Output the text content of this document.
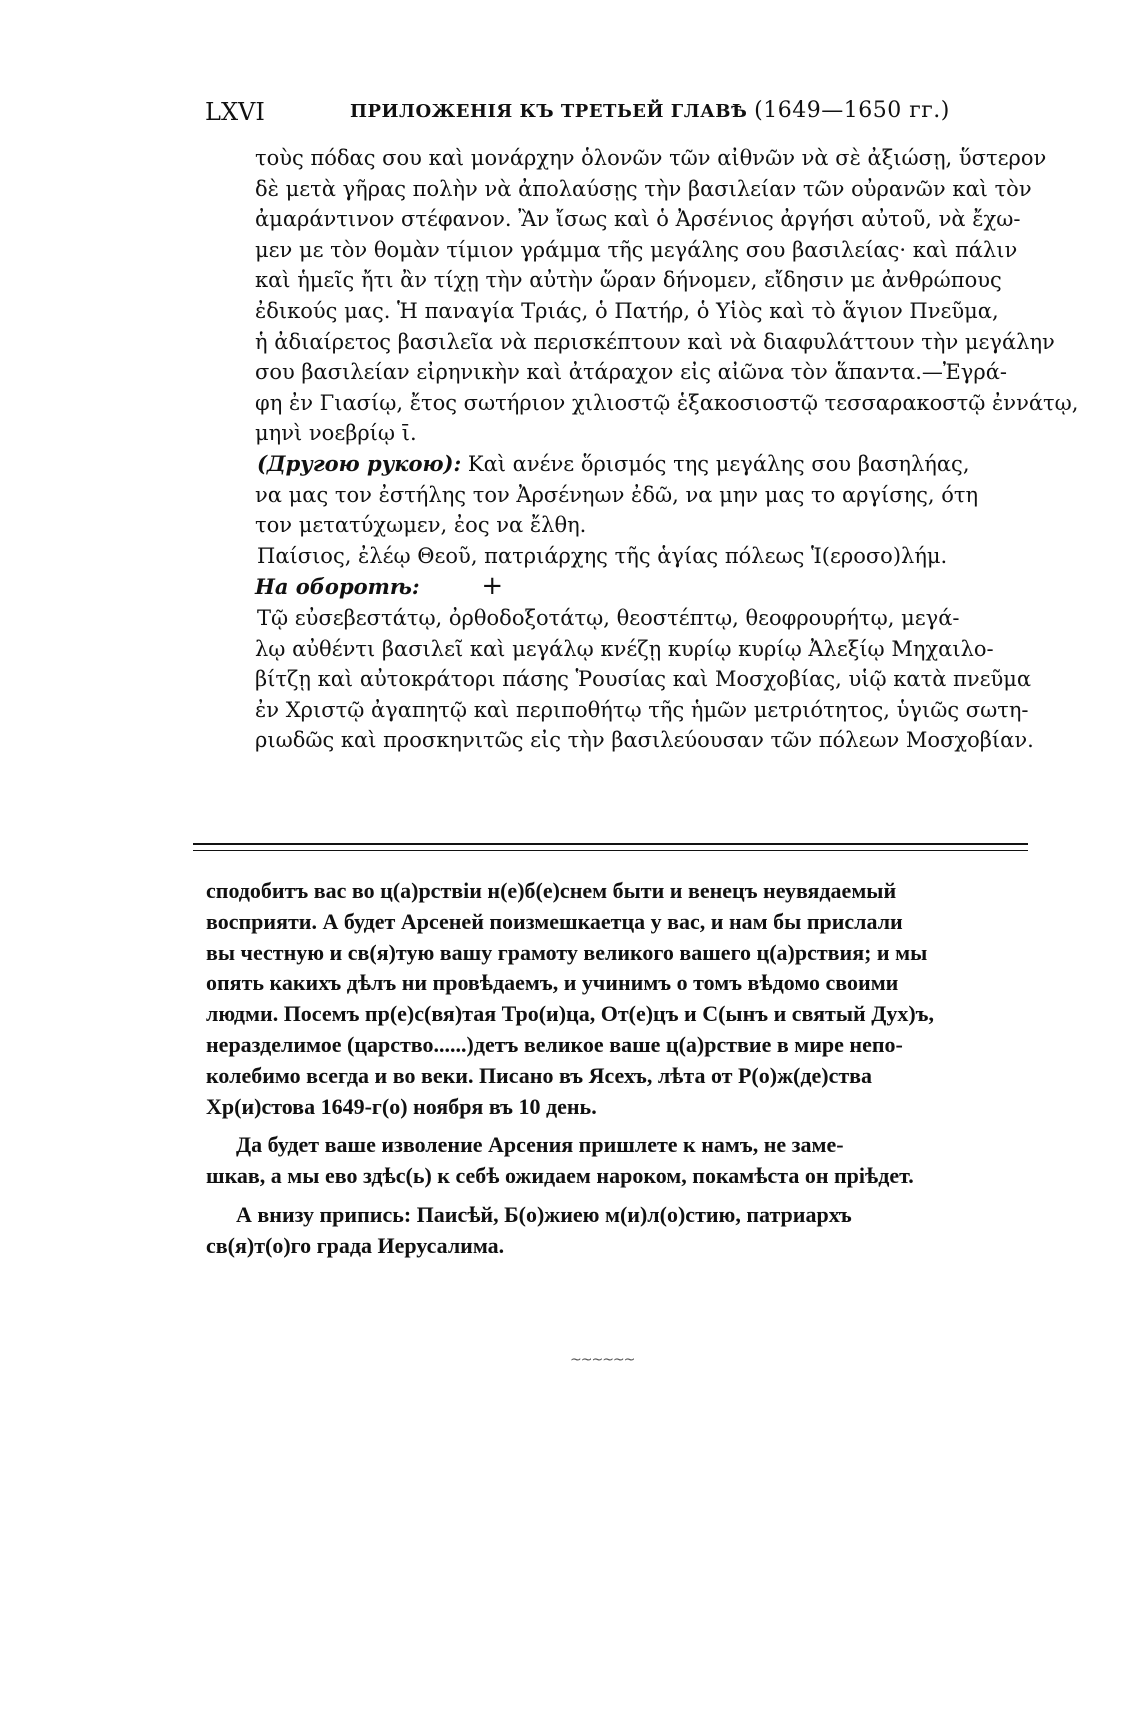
LXVI	ПРИЛОЖЕНІЯ КЪ ТРЕТЬЕЙ ГЛАВѢ (1649—1650 гг.)
τοὺς πόδας σου καὶ μονάρχην ὁλονῶν τῶν αἰθνῶν νὰ σὲ ἀξιώσῃ, ὕστερον
δὲ μετὰ γῆρας πολὴν νὰ ἀπολαύσῃς τὴν βασιλείαν τῶν οὐρανῶν καὶ τὸν
ἀμαράντινον στέφανον. Ἂν ἴσως καὶ ὁ Ἀρσένιος ἀργήσι αὐτοῦ, νὰ ἔχω-
μεν με τὸν θομὰν τίμιον γράμμα τῆς μεγάλης σου βασιλείας· καὶ πάλιν
καὶ ἡμεῖς ἤτι ἂν τίχῃ τὴν αὐτὴν ὥραν δήνομεν, εἴδησιν με ἀνθρώπους
ἐδικούς μας. Ἡ παναγία Τριάς, ὁ Πατήρ, ὁ Υἱὸς καὶ τὸ ἅγιον Πνεῦμα,
ἡ ἀδιαίρετος βασιλεῖα νὰ περισκέπτουν καὶ νὰ διαφυλάττουν τὴν μεγάλην
σου βασιλείαν εἰρηνικὴν καὶ ἀτάραχον εἰς αἰῶνα τὸν ἅπαντα.—Ἐγρά-
φη ἐν Γιασίῳ, ἔτος σωτήριον χιλιοστῷ ἑξακοσιοστῷ τεσσαρακοστῷ ἐννάτῳ,
μηνὶ νοεβρίῳ ῑ.
(Другою рукою): Καὶ ανένε ὅρισμός της μεγάλης σου βασηλήας,
να μας τον ἐστήλης τον Ἀρσένηων ἐδῶ, να μην μας το αργίσης, ότη
τον μετατύχωμεν, ἐος να ἔλθη.
Παίσιος, ἐλέῳ Θεοῦ, πατριάρχης τῆς ἁγίας πόλεως Ἱ(εροσο)λήμ.
На оборотѣ: +
Τῷ εὐσεβεστάτῳ, ὀρθοδοξοτάτῳ, θεοστέπτῳ, θεοφρουρήτῳ, μεγά-
λῳ αὐθέντι βασιλεῖ καὶ μεγάλῳ κνέζῃ κυρίῳ κυρίῳ Ἀλεξίῳ Μηχαιλο-
βίτζῃ καὶ αὐτοκράτορι πάσης Ῥουσίας καὶ Μοσχοβίας, υἱῷ κατὰ πνεῦμα
ἐν Χριστῷ ἀγαπητῷ καὶ περιποθήτῳ τῆς ἡμῶν μετριότητος, ὑγιῶς σωτη-
ριωδῶς καὶ προσκηνιτῶς εἰς τὴν βασιλεύουσαν τῶν πόλεων Μοσχοβίαν.
сподобитъ вас во ц(а)рствіи н(е)б(е)снем быти и венецъ неувядаемый
восприяти. А будет Арсеней поизмешкаетца у вас, и нам бы прислали
вы честную и св(я)тую вашу грамоту великого вашего ц(а)рствия; и мы
опять какихъ дѣлъ ни провѣдаемъ, и учинимъ о томъ вѣдомо своими
людми. Посемъ пр(е)с(вя)тая Тро(и)ца, От(е)цъ и С(ынъ и святый Дух)ъ,
неразделимое (царство......)детъ великое ваше ц(а)рствие в мире непо-
колебимо всегда и во веки. Писано въ Ясехъ, лѣта от Р(о)ж(де)ства
Хр(и)стова 1649-г(о) ноября въ 10 день.
Да будет ваше изволение Арсения пришлете к намъ, не заме-
шкав, а мы ево здѣс(ь) к себѣ ожидаем нароком, покамѣста он пріѣдет.
А внизу припись: Паисѣй, Б(о)жиею м(и)л(о)стию, патриархъ
св(я)т(о)го града Иерусалима.
~~~~~~
